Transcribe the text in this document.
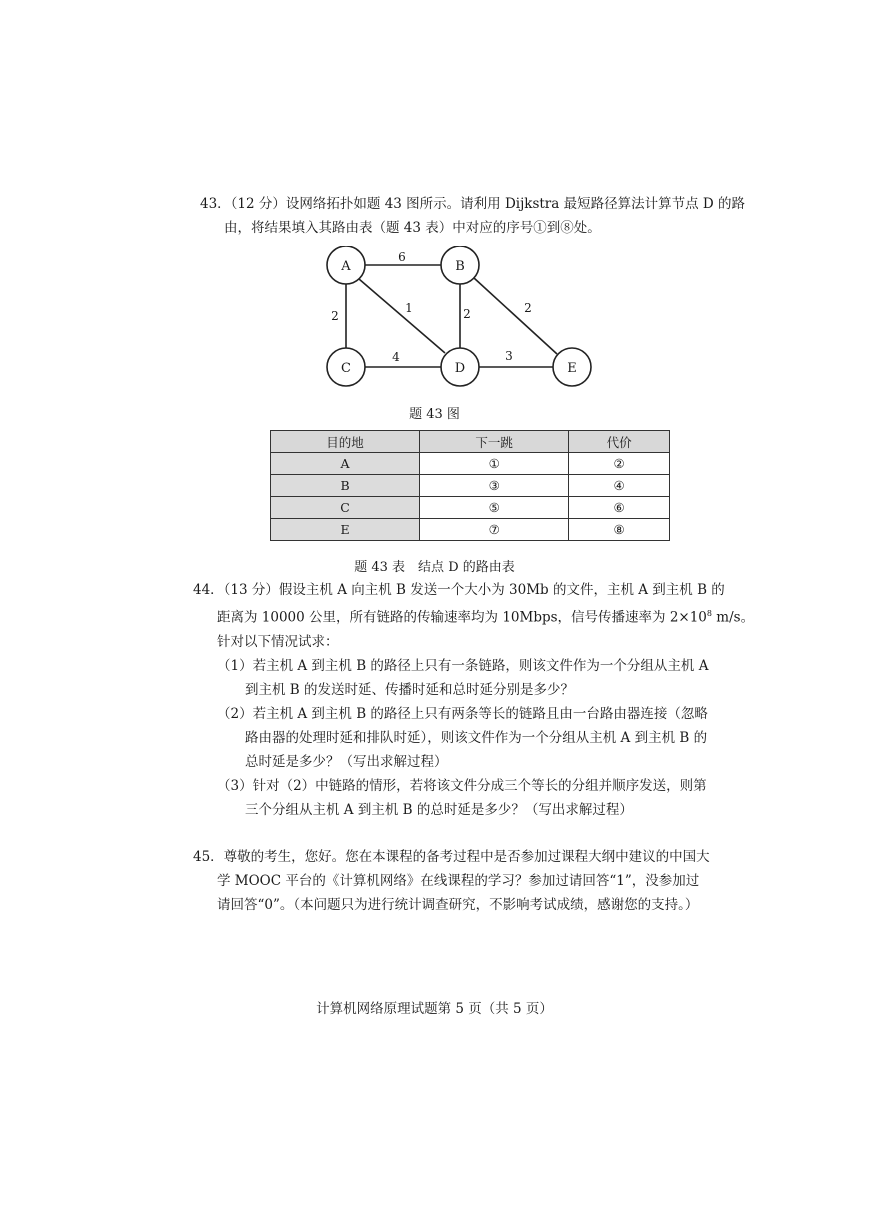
43．（12 分）设网络拓扑如题 43 图所示。请利用 Dijkstra 最短路径算法计算节点 D 的路
由，将结果填入其路由表（题 43 表）中对应的序号①到⑧处。
A	B
C	D	E
6
2
1	2	2
4	3
题 43 图
目的地	下一跳	代价
A	①	②
B	③	④
C	⑤	⑥
E	⑦	⑧
题 43 表　结点 D 的路由表
44．（13 分）假设主机 A 向主机 B 发送一个大小为 30Mb 的文件，主机 A 到主机 B 的
距离为 10000 公里，所有链路的传输速率均为 10Mbps，信号传播速率为 $2\times 10^8$ m/s。
针对以下情况试求：
（1）若主机 A 到主机 B 的路径上只有一条链路，则该文件作为一个分组从主机 A
到主机 B 的发送时延、传播时延和总时延分别是多少？
（2）若主机 A 到主机 B 的路径上只有两条等长的链路且由一台路由器连接（忽略
路由器的处理时延和排队时延），则该文件作为一个分组从主机 A 到主机 B 的
总时延是多少？（写出求解过程）
（3）针对（2）中链路的情形，若将该文件分成三个等长的分组并顺序发送，则第
三个分组从主机 A 到主机 B 的总时延是多少？（写出求解过程）
45．尊敬的考生，您好。您在本课程的备考过程中是否参加过课程大纲中建议的中国大
学 MOOC 平台的《计算机网络》在线课程的学习？参加过请回答“1”，没参加过
请回答“0”。（本问题只为进行统计调查研究，不影响考试成绩，感谢您的支持。）
计算机网络原理试题第 5 页（共 5 页）
